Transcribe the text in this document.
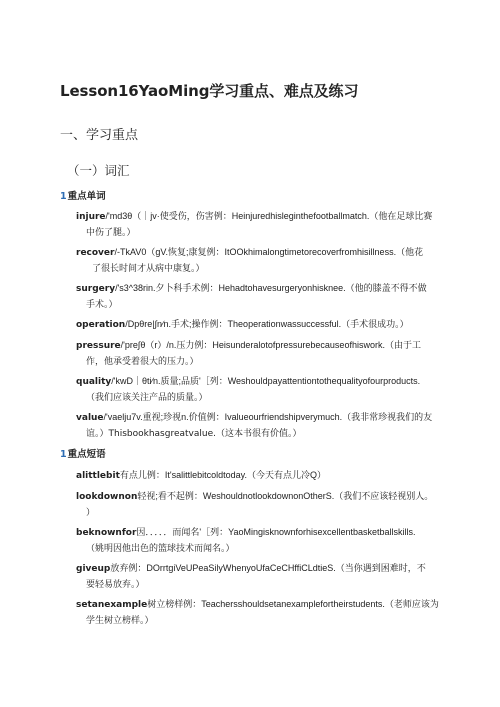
Lesson16YaoMing学习重点、难点及练习
一、学习重点
（一）词汇
1重点单词
injure/'md3θ（｜jv·使受伤，伤害例：Heinjuredhisleginthefootballmatch.（他在足球比赛
中伤了腿。）
recover/-TkAV0（gV.恢复;康复例：ItOOkhimalongtimetorecoverfromhisillness.（他花
了很长时间才从病中康复。）
surgery/'s3^38rin.夕卜科手术例：Hehadtohavesurgeryonhisknee.（他的膝盖不得不做
手术。）
operation/Dpθre|∫n∕n.手术;操作例：Theoperationwassuccessful.（手术很成功。）
pressure/'pre∫θ（r）/n.压力例：Heisunderalotofpressurebecauseofhiswork.（由于工
作，他承受着很大的压力。）
quality/'kwD｜θti∕n.质量;品质'［列：Weshouldpayattentiontothequalityofourproducts.
（我们应该关注产品的质量。）
value/'vaelju7v.重视;珍视n.价值例：Ivalueourfriendshipverymuch.（我非常珍视我们的友
谊。）Thisbookhasgreatvalue.（这本书很有价值。）
1重点短语
alittlebit有点儿例：It'salittlebitcoldtoday.（今天有点儿冷Q）
lookdownon轻视;看不起例：WeshouldnotlookdownonOtherS.（我们不应该轻视别人。
）
beknownfor因．．．．．而闻名'［列：YaoMingisknownforhisexcellentbasketballskills.
（姚明因他出色的篮球技术而闻名。）
giveup放弃例：DOrrtgiVeUPeaSilyWhenyoUfaCeCHffiCLdtieS.（当你遇到困难时，不
要轻易放弃。）
setanexample树立榜样例：Teachersshouldsetanexamplefortheirstudents.（老师应该为
学生树立榜样。）
